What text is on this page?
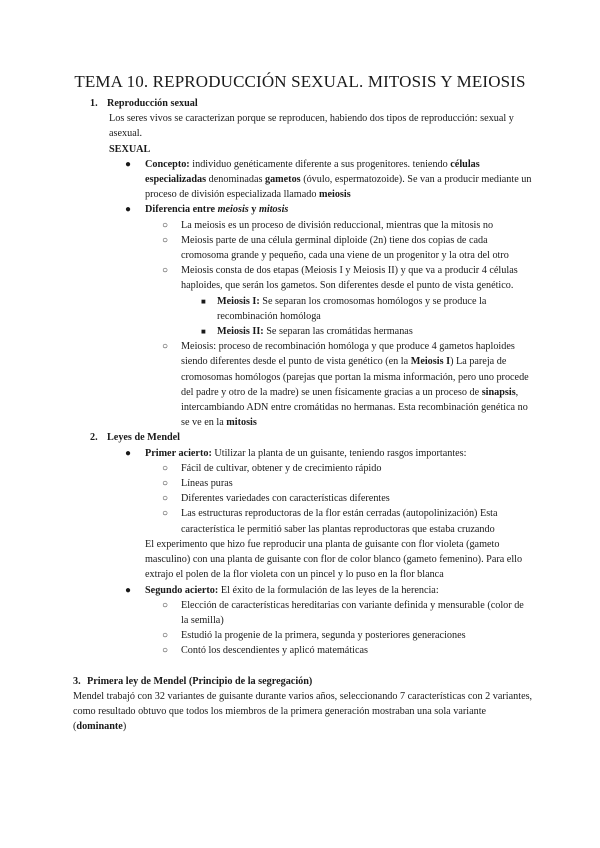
TEMA 10. REPRODUCCIÓN SEXUAL. MITOSIS Y MEIOSIS
1. Reproducción sexual
Los seres vivos se caracterizan porque se reproducen, habiendo dos tipos de reproducción: sexual y asexual.
SEXUAL
● Concepto: individuo genéticamente diferente a sus progenitores. teniendo células especializadas denominadas gametos (óvulo, espermatozoide). Se van a producir mediante un proceso de división especializada llamado meiosis
● Diferencia entre meiosis y mitosis
○ La meiosis es un proceso de división reduccional, mientras que la mitosis no
○ Meiosis parte de una célula germinal diploide (2n) tiene dos copias de cada cromosoma grande y pequeño, cada una viene de un progenitor y la otra del otro
○ Meiosis consta de dos etapas (Meiosis I y Meiosis II) y que va a producir 4 células haploides, que serán los gametos. Son diferentes desde el punto de vista genético.
■ Meiosis I: Se separan los cromosomas homólogos y se produce la recombinación homóloga
■ Meiosis II: Se separan las cromátidas hermanas
○ Meiosis: proceso de recombinación homóloga y que produce 4 gametos haploides siendo diferentes desde el punto de vista genético (en la Meiosis I) La pareja de cromosomas homólogos (parejas que portan la misma información, pero uno procede del padre y otro de la madre) se unen físicamente gracias a un proceso de sinapsis, intercambiando ADN entre cromátidas no hermanas. Esta recombinación genética no se ve en la mitosis
2. Leyes de Mendel
● Primer acierto: Utilizar la planta de un guisante, teniendo rasgos importantes:
○ Fácil de cultivar, obtener y de crecimiento rápido
○ Líneas puras
○ Diferentes variedades con características diferentes
○ Las estructuras reproductoras de la flor están cerradas (autopolinización) Esta característica le permitió saber las plantas reproductoras que estaba cruzando
El experimento que hizo fue reproducir una planta de guisante con flor violeta (gameto masculino) con una planta de guisante con flor de color blanco (gameto femenino). Para ello extrajo el polen de la flor violeta con un pincel y lo puso en la flor blanca
● Segundo acierto: El éxito de la formulación de las leyes de la herencia:
○ Elección de características hereditarias con variante definida y mensurable (color de la semilla)
○ Estudió la progenie de la primera, segunda y posteriores generaciones
○ Contó los descendientes y aplicó matemáticas
3. Primera ley de Mendel (Principio de la segregación)
Mendel trabajó con 32 variantes de guisante durante varios años, seleccionando 7 características con 2 variantes, como resultado obtuvo que todos los miembros de la primera generación mostraban una sola variante (dominante)
